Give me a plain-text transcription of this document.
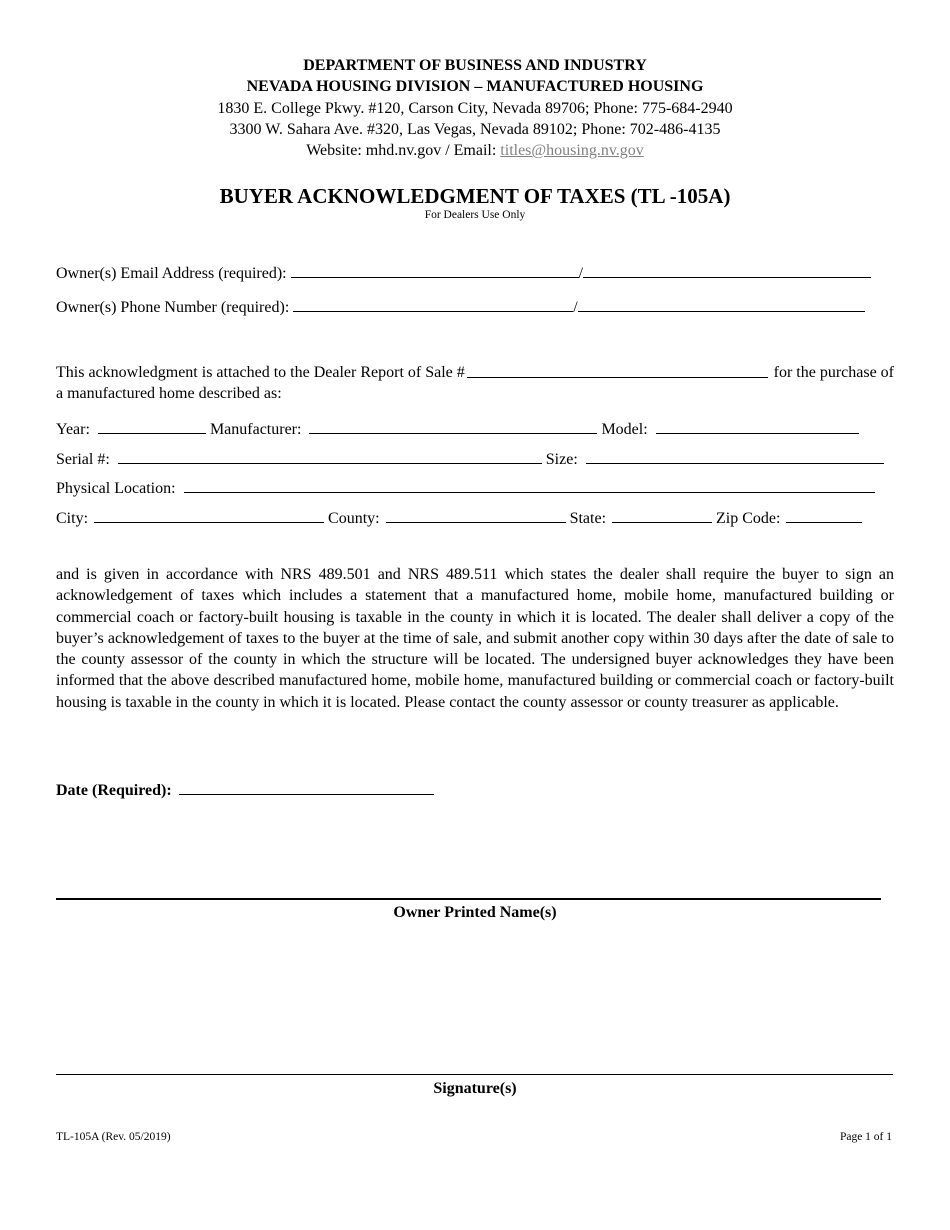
DEPARTMENT OF BUSINESS AND INDUSTRY
NEVADA HOUSING DIVISION – MANUFACTURED HOUSING
1830 E. College Pkwy. #120, Carson City, Nevada 89706; Phone: 775-684-2940
3300 W. Sahara Ave. #320, Las Vegas, Nevada 89102; Phone: 702-486-4135
Website: mhd.nv.gov / Email: titles@housing.nv.gov
BUYER ACKNOWLEDGMENT OF TAXES (TL -105A)
For Dealers Use Only
Owner(s) Email Address (required):	/
Owner(s) Phone Number (required):	/
This acknowledgment is attached to the Dealer Report of Sale #	for the purchase of
a manufactured home described as:
Year:	Manufacturer:	Model:
Serial #:	Size:
Physical Location:
City:	County:	State:	Zip Code:
and is given in accordance with NRS 489.501 and NRS 489.511 which states the dealer shall require the buyer to sign an acknowledgement of taxes which includes a statement that a manufactured home, mobile home, manufactured building or commercial coach or factory-built housing is taxable in the county in which it is located. The dealer shall deliver a copy of the buyer’s acknowledgement of taxes to the buyer at the time of sale, and submit another copy within 30 days after the date of sale to the county assessor of the county in which the structure will be located. The undersigned buyer acknowledges they have been informed that the above described manufactured home, mobile home, manufactured building or commercial coach or factory-built housing is taxable in the county in which it is located. Please contact the county assessor or county treasurer as applicable.
Date (Required):
Owner Printed Name(s)
Signature(s)
TL-105A (Rev. 05/2019)	Page 1 of 1
